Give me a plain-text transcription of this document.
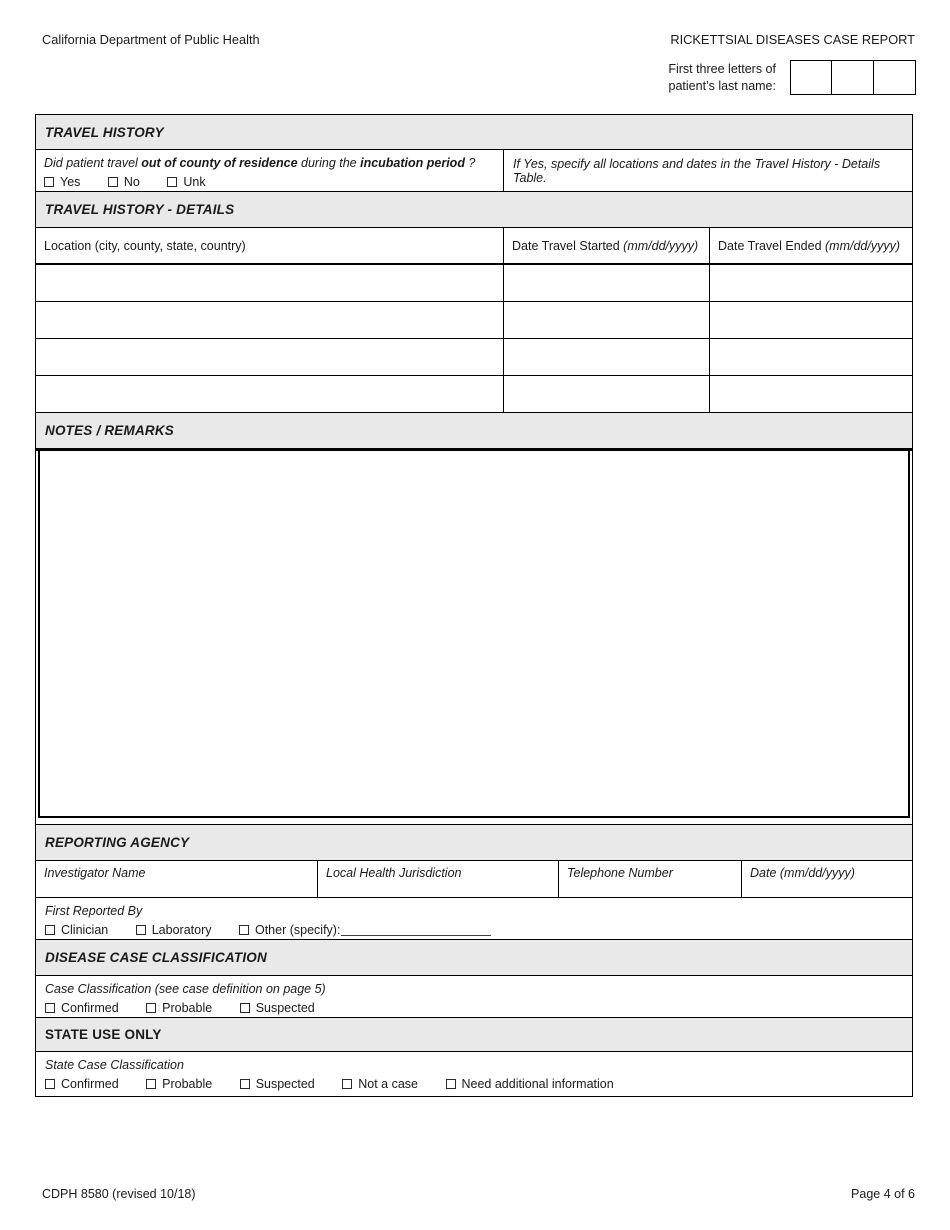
California Department of Public Health	RICKETTSIAL DISEASES CASE REPORT
First three letters of
patient’s last name:
TRAVEL HISTORY
Did patient travel out of county of residence during the incubation period ?
Yes
	No
	Unk
If Yes, specify all locations and dates in the Travel History - Details Table.
TRAVEL HISTORY - DETAILS
Location (city, county, state, country)	Date Travel Started (mm/dd/yyyy) Date Travel Ended (mm/dd/yyyy)
NOTES / REMARKS
REPORTING AGENCY
Investigator Name	Local Health Jurisdiction	Telephone Number	Date (mm/dd/yyyy)
First Reported By
Clinician
	Laboratory
	Other (specify):
DISEASE CASE CLASSIFICATION
Case Classification (see case definition on page 5)
Confirmed
	Probable
	Suspected
STATE USE ONLY
State Case Classification
Confirmed
	Probable
	Suspected
	Not a case
	Need additional information
CDPH 8580 (revised 10/18)	Page 4 of 6
